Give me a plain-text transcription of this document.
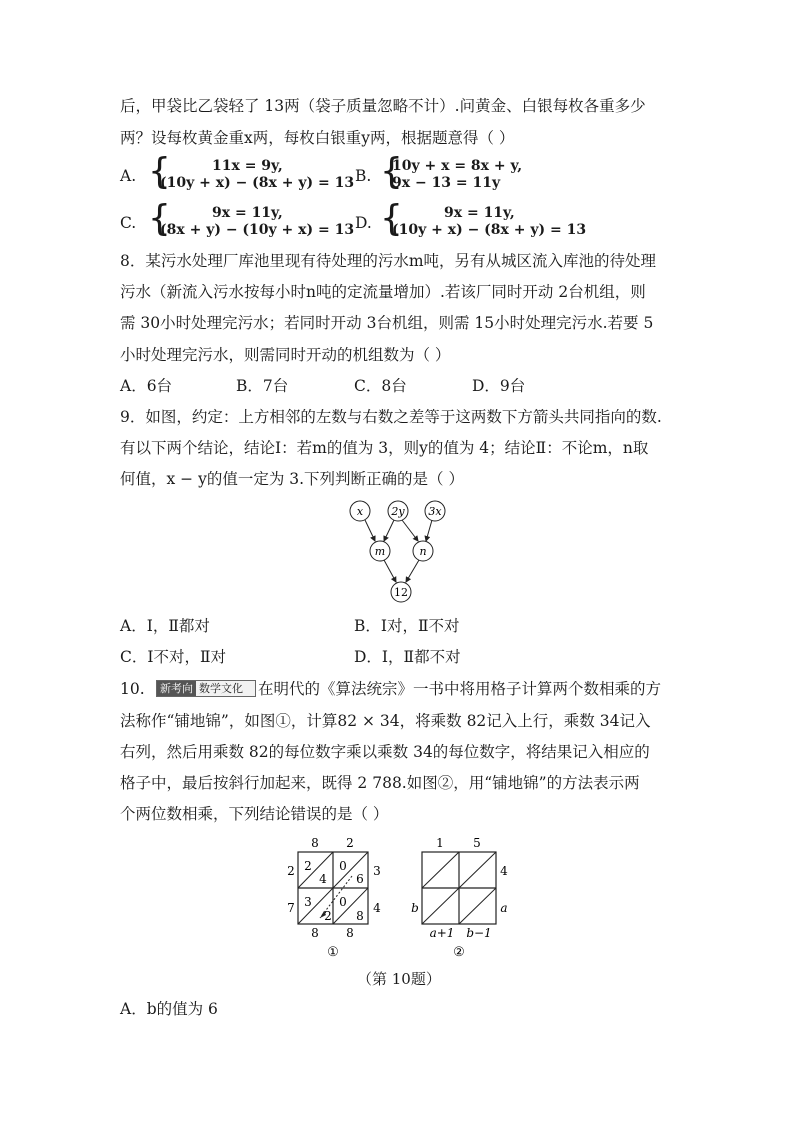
后，甲袋比乙袋轻了 13两（袋子质量忽略不计）.问黄金、白银每枚各重多少
两？设每枚黄金重x两，每枚白银重y两，根据题意得（ ）
A. {	11x = 9y,
(10y + x) − (8x + y) = 13 B. {
10y + x = 8x + y,
9x − 13 = 11y
C. {	9x = 11y,
(8x + y) − (10y + x) = 13 D. {	9x = 11y,
(10y + x) − (8x + y) = 13
8．某污水处理厂库池里现有待处理的污水m吨，另有从城区流入库池的待处理
污水（新流入污水按每小时n吨的定流量增加）.若该厂同时开动 2台机组，则
需 30小时处理完污水；若同时开动 3台机组，则需 15小时处理完污水.若要 5
小时处理完污水，则需同时开动的机组数为（ ）
A．6台	B．7台	C．8台	D．9台
9．如图，约定：上方相邻的左数与右数之差等于这两数下方箭头共同指向的数.
有以下两个结论，结论Ⅰ：若m的值为 3，则y的值为 4；结论Ⅱ：不论m，n取
何值，x − y的值一定为 3.下列判断正确的是（ ）
x	2y 3x
m	n
12
A．Ⅰ，Ⅱ都对	B．Ⅰ对，Ⅱ不对
C．Ⅰ不对，Ⅱ对	D．Ⅰ，Ⅱ都不对
10.	新考向 数学文化 在明代的《算法统宗》一书中将用格子计算两个数相乘的方
法称作“铺地锦”，如图①，计算82 × 34，将乘数 82记入上行，乘数 34记入
右列，然后用乘数 82的每位数字乘以乘数 34的每位数字，将结果记入相应的
格子中，最后按斜行加起来，既得 2 788.如图②，用“铺地锦”的方法表示两
个两位数相乘，下列结论错误的是（ ）
8 2
2
7
3
4
8 8
2
4
0
6
3
2
0
8
①
1 5
4
a
b
a+1 b−1
②
（第 10题）
A．b的值为 6
